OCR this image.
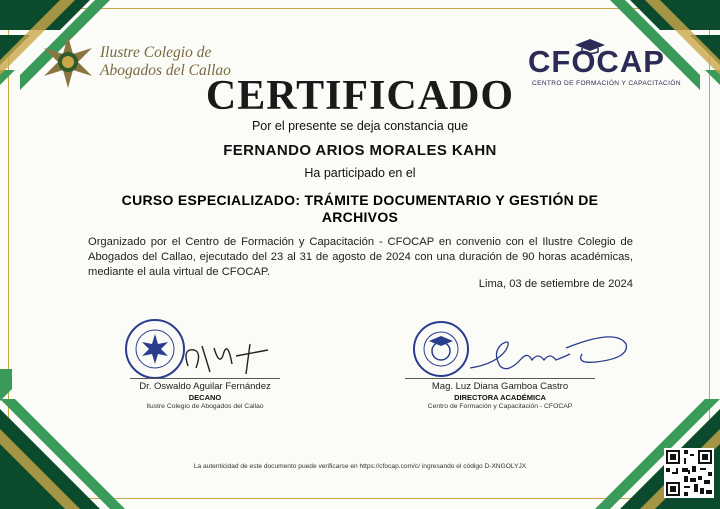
Ilustre Colegio de
Abogados del Callao	CFOCAP
CENTRO DE FORMACIÓN Y CAPACITACIÓN
CERTIFICADO
Por el presente se deja constancia que
FERNANDO ARIOS MORALES KAHN
Ha participado en el
CURSO ESPECIALIZADO: TRÁMITE DOCUMENTARIO Y GESTIÓN DE ARCHIVOS
Organizado por el Centro de Formación y Capacitación - CFOCAP en convenio con el Ilustre Colegio de Abogados del Callao, ejecutado del 23 al 31 de agosto de 2024 con una duración de 90 horas académicas, mediante el aula virtual de CFOCAP.
Lima, 03 de setiembre de 2024
Dr. Oswaldo Aguilar Fernández
DECANO
Ilustre Colegio de Abogados del Callao
Mag. Luz Diana Gamboa Castro
DIRECTORA ACADÉMICA
Centro de Formación y Capacitación - CFOCAP
La autenticidad de este documento puede verificarse en https://cfocap.com/c/ ingresando el código D-XNGOLYJX
